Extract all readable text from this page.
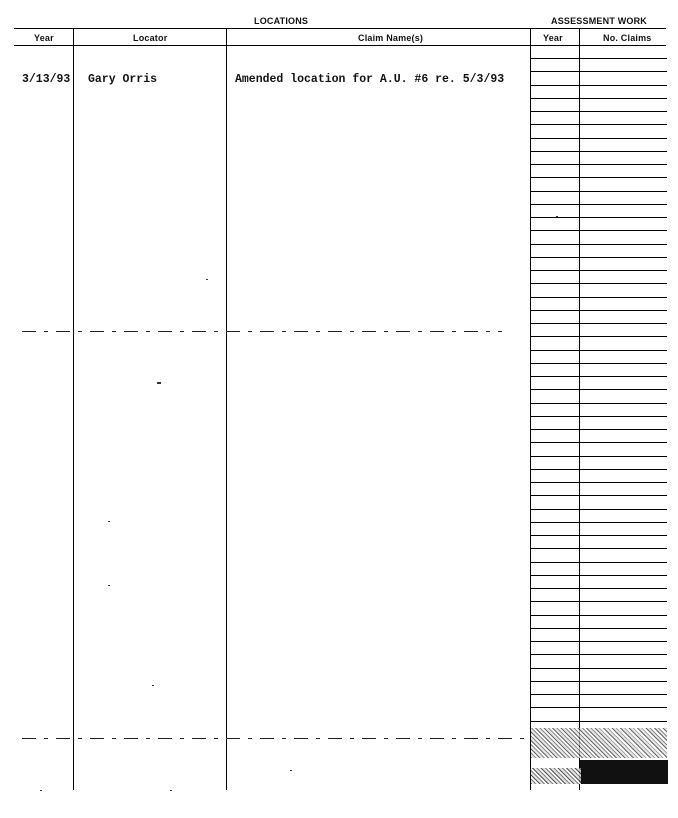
LOCATIONS	ASSESSMENT WORK
Year	Locator	Claim Name(s)	Year	No. Claims
3/13/93 Gary Orris	Amended location for A.U. #6 re. 5/3/93
